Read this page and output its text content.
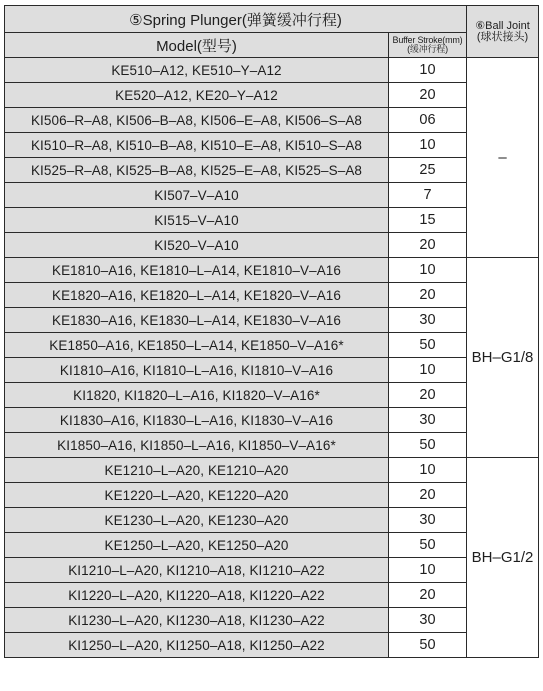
⑤Spring Plunger(弹簧缓冲行程)		⑥Ball Joint
(球状接头)

Model(型号)	Buffer Stroke(mm)
(缓冲行程)	

KE510–A12, KE510–Y–A12	10	–
KE520–A12, KE20–Y–A12	20	
KI506–R–A8, KI506–B–A8, KI506–E–A8, KI506–S–A8	06	
KI510–R–A8, KI510–B–A8, KI510–E–A8, KI510–S–A8	10	
KI525–R–A8, KI525–B–A8, KI525–E–A8, KI525–S–A8	25	
KI507–V–A10	7	
KI515–V–A10	15	
KI520–V–A10	20	
KE1810–A16, KE1810–L–A14, KE1810–V–A16	10	BH–G1/8
KE1820–A16, KE1820–L–A14, KE1820–V–A16	20	
KE1830–A16, KE1830–L–A14, KE1830–V–A16	30	
KE1850–A16, KE1850–L–A14, KE1850–V–A16*	50	
KI1810–A16, KI1810–L–A16, KI1810–V–A16	10	
KI1820, KI1820–L–A16, KI1820–V–A16*	20	
KI1830–A16, KI1830–L–A16, KI1830–V–A16	30	
KI1850–A16, KI1850–L–A16, KI1850–V–A16*	50	
KE1210–L–A20, KE1210–A20	10	BH–G1/2
KE1220–L–A20, KE1220–A20	20	
KE1230–L–A20, KE1230–A20	30	
KE1250–L–A20, KE1250–A20	50	
KI1210–L–A20, KI1210–A18, KI1210–A22	10	
KI1220–L–A20, KI1220–A18, KI1220–A22	20	
KI1230–L–A20, KI1230–A18, KI1230–A22	30	
KI1250–L–A20, KI1250–A18, KI1250–A22	50	
